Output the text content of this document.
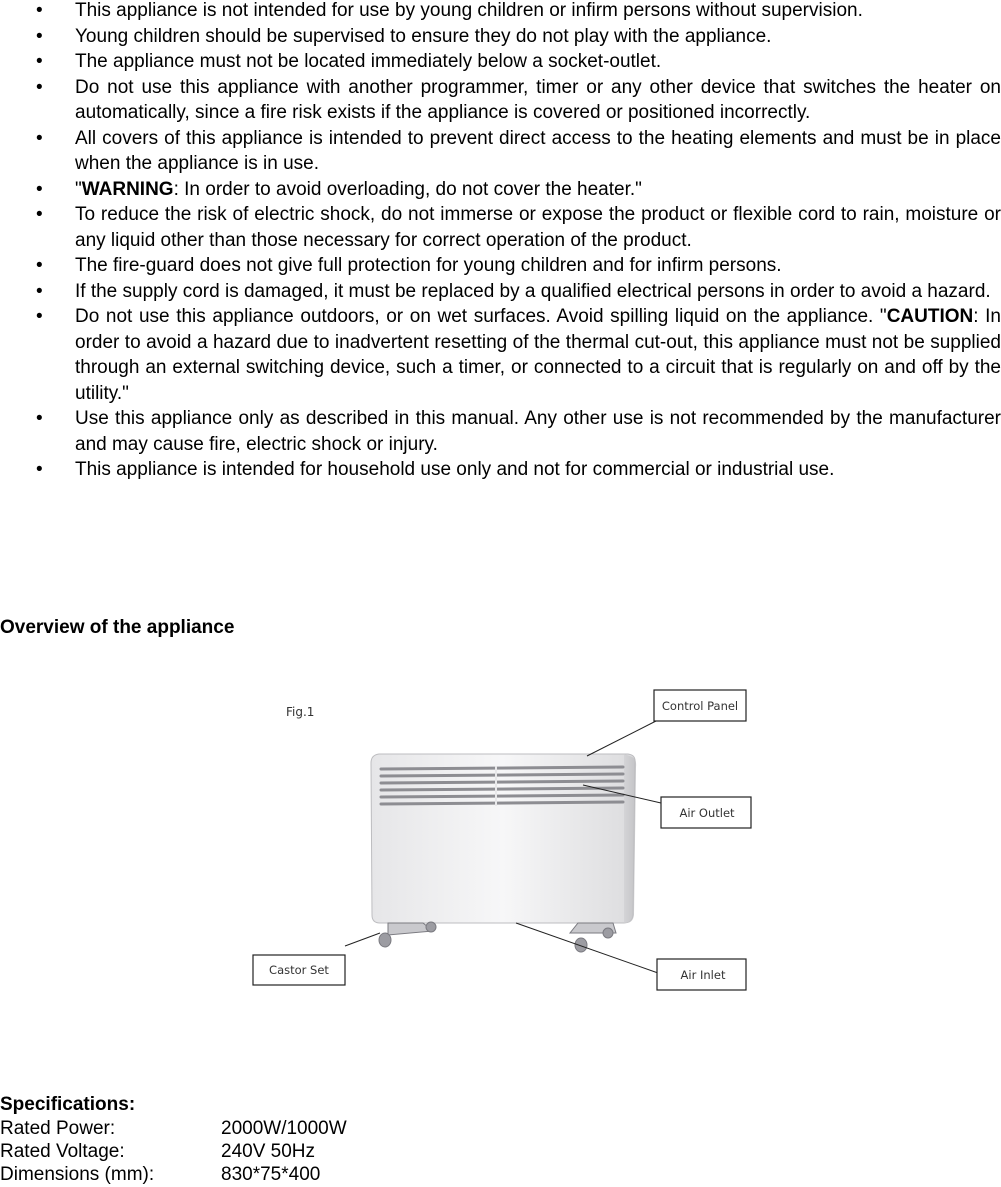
• This appliance is not intended for use by young children or infirm persons without supervision.
• Young children should be supervised to ensure they do not play with the appliance.
• The appliance must not be located immediately below a socket-outlet.
• Do not use this appliance with another programmer, timer or any other device that switches the heater on automatically, since a fire risk exists if the appliance is covered or positioned incorrectly.
• All covers of this appliance is intended to prevent direct access to the heating elements and must be in place when the appliance is in use.
• "WARNING: In order to avoid overloading, do not cover the heater."
• To reduce the risk of electric shock, do not immerse or expose the product or flexible cord to rain, moisture or any liquid other than those necessary for correct operation of the product.
• The fire-guard does not give full protection for young children and for infirm persons.
• If the supply cord is damaged, it must be replaced by a qualified electrical persons in order to avoid a hazard.
• Do not use this appliance outdoors, or on wet surfaces. Avoid spilling liquid on the appliance. "CAUTION: In order to avoid a hazard due to inadvertent resetting of the thermal cut-out, this appliance must not be supplied through an external switching device, such a timer, or connected to a circuit that is regularly on and off by the utility."
• Use this appliance only as described in this manual. Any other use is not recommended by the manufacturer and may cause fire, electric shock or injury.
• This appliance is intended for household use only and not for commercial or industrial use.
Overview of the appliance
Fig.1	Control Panel
Air Outlet
Castor Set	Air Inlet
Specifications:
Rated Power:	2000W/1000W
Rated Voltage:	240V 50Hz
Dimensions (mm):	830*75*400
